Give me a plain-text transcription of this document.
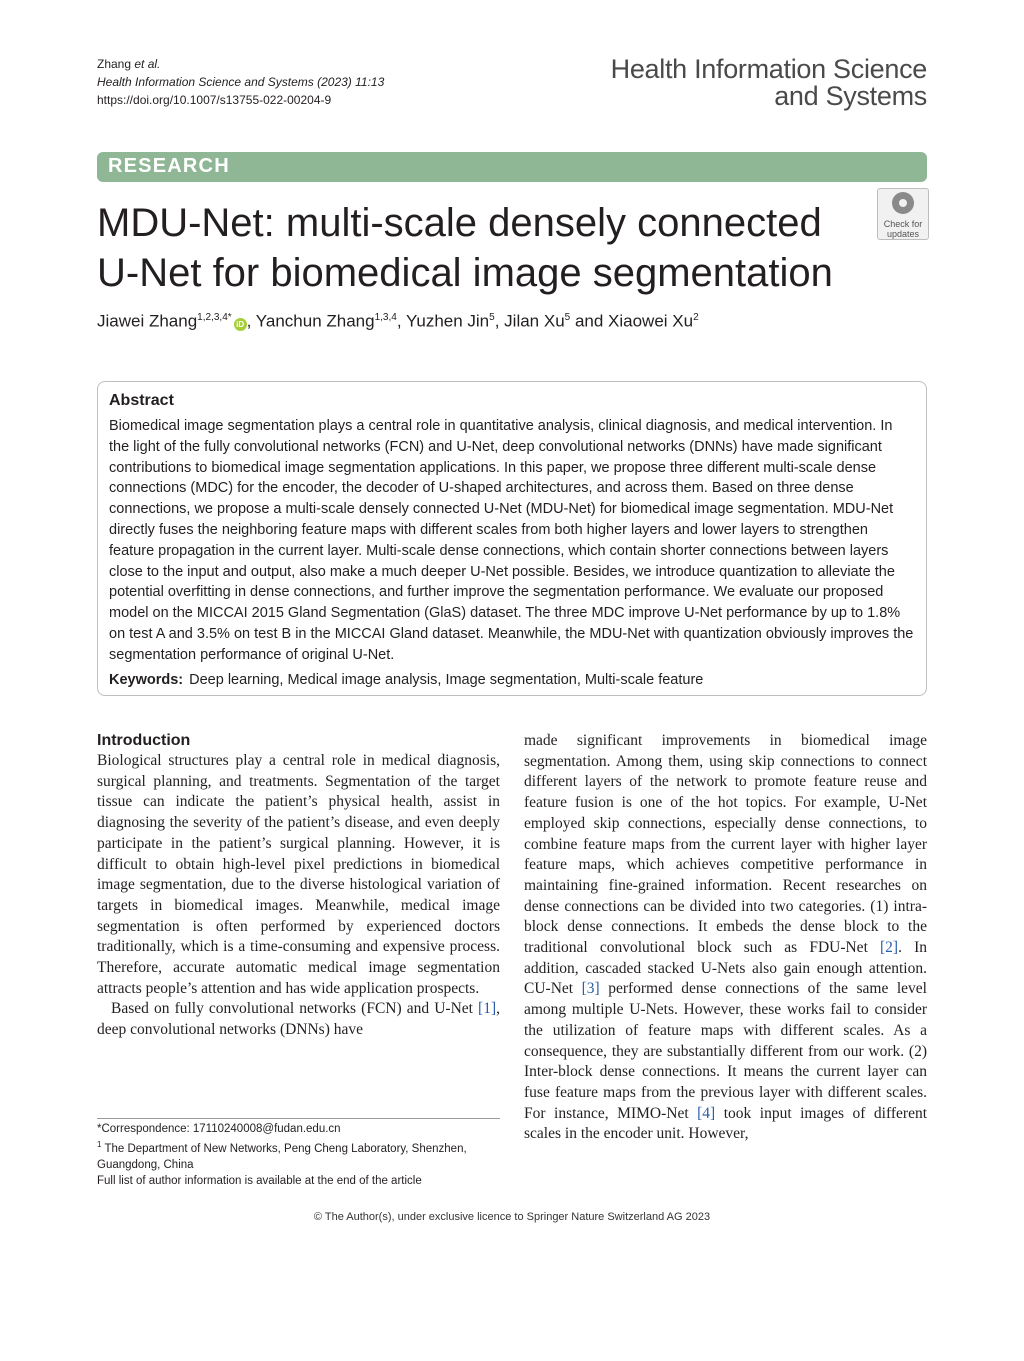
Zhang et al.
Health Information Science and Systems (2023) 11:13
https://doi.org/10.1007/s13755-022-00204-9
Health Information Science
and Systems
RESEARCH
MDU-Net: multi-scale densely connected
U-Net for biomedical image segmentation
Check for
updates
Jiawei Zhang$^{1,2,3,4*}$iD , Yanchun Zhang$^{1,3,4}$, Yuzhen Jin$^5$, Jilan Xu$^5$ and Xiaowei Xu$^2$
Abstract

Biomedical image segmentation plays a central role in quantitative analysis, clinical diagnosis, and medical intervention. In the light of the fully convolutional networks (FCN) and U-Net, deep convolutional networks (DNNs) have made significant contributions to biomedical image segmentation applications. In this paper, we propose three different multi-scale dense connections (MDC) for the encoder, the decoder of U-shaped architectures, and across them. Based on three dense connections, we propose a multi-scale densely connected U-Net (MDU-Net) for biomedical image segmentation. MDU-Net directly fuses the neighboring feature maps with different scales from both higher layers and lower layers to strengthen feature propagation in the current layer. Multi-scale dense connections, which contain shorter connections between layers close to the input and output, also make a much deeper U-Net possible. Besides, we introduce quantization to alleviate the potential overfitting in dense connections, and further improve the segmentation performance. We evaluate our proposed model on the MICCAI 2015 Gland Segmentation (GlaS) dataset. The three MDC improve U-Net performance by up to 1.8% on test A and 3.5% on test B in the MICCAI Gland dataset. Meanwhile, the MDU-Net with quantization obviously improves the segmentation performance of original U-Net.

Keywords: Deep learning, Medical image analysis, Image segmentation, Multi-scale feature
Introduction

Biological structures play a central role in medical diagnosis, surgical planning, and treatments. Segmentation of the target tissue can indicate the patient’s physical health, assist in diagnosing the severity of the patient’s disease, and even deeply participate in the patient’s surgical planning. However, it is difficult to obtain high-level pixel predictions in biomedical image segmentation, due to the diverse histological variation of targets in biomedical images. Meanwhile, medical image segmentation is often performed by experienced doctors traditionally, which is a time-consuming and expensive process. Therefore, accurate automatic medical image segmentation attracts people’s attention and has wide application prospects.

Based on fully convolutional networks (FCN) and U-Net [1], deep convolutional networks (DNNs) have

made significant improvements in biomedical image segmentation. Among them, using skip connections to connect different layers of the network to promote feature reuse and feature fusion is one of the hot topics. For example, U-Net employed skip connections, especially dense connections, to combine feature maps from the current layer with higher layer feature maps, which achieves competitive performance in maintaining fine-grained information. Recent researches on dense connections can be divided into two categories. (1) intra-block dense connections. It embeds the dense block to the traditional convolutional block such as FDU-Net [2]. In addition, cascaded stacked U-Nets also gain enough attention. CU-Net [3] performed dense connections of the same level among multiple U-Nets. However, these works fail to consider the utilization of feature maps with different scales. As a consequence, they are substantially different from our work. (2) Inter-block dense connections. It means the current layer can fuse feature maps from the previous layer with different scales. For instance, MIMO-Net [4] took input images of different scales in the encoder unit. However,

*Correspondence: 17110240008@fudan.edu.cn
$^1$ The Department of New Networks, Peng Cheng Laboratory, Shenzhen, Guangdong, China
Full list of author information is available at the end of the article
© The Author(s), under exclusive licence to Springer Nature Switzerland AG 2023
